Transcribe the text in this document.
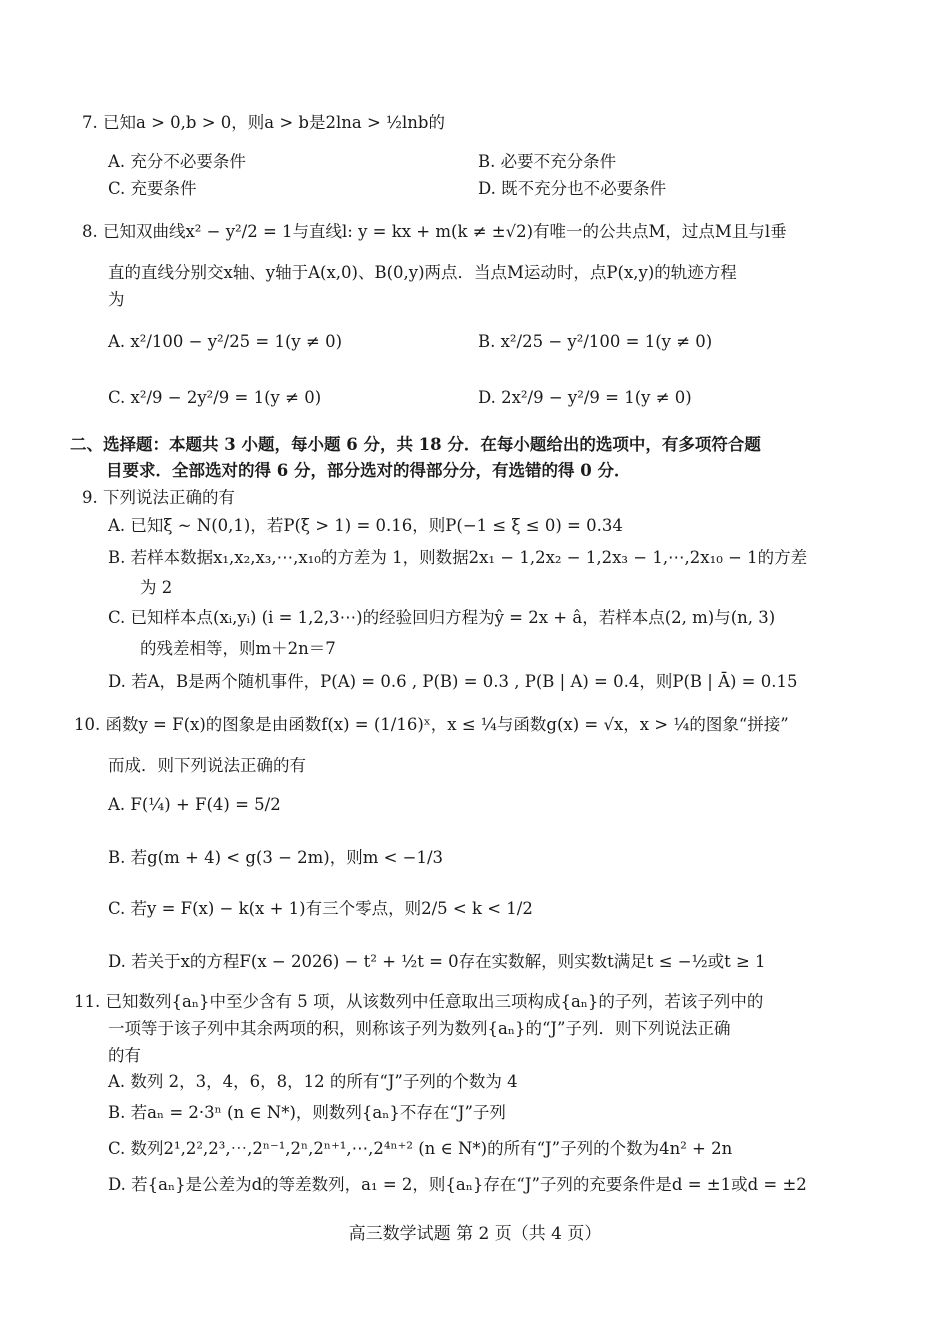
7. 已知a > 0,b > 0，则a > b是2lna > ½lnb的
A. 充分不必要条件	B. 必要不充分条件
C. 充要条件	D. 既不充分也不必要条件
8. 已知双曲线x² − y²/2 = 1与直线l: y = kx + m(k ≠ ±√2)有唯一的公共点M，过点M且与l垂
直的直线分别交x轴、y轴于A(x,0)、B(0,y)两点．当点M运动时，点P(x,y)的轨迹方程
为
A. x²/100 − y²/25 = 1(y ≠ 0)	B. x²/25 − y²/100 = 1(y ≠ 0)
C. x²/9 − 2y²/9 = 1(y ≠ 0)	D. 2x²/9 − y²/9 = 1(y ≠ 0)
二、选择题：本题共 3 小题，每小题 6 分，共 18 分．在每小题给出的选项中，有多项符合题
目要求．全部选对的得 6 分，部分选对的得部分分，有选错的得 0 分．
9. 下列说法正确的有
A. 已知ξ ~ N(0,1)，若P(ξ > 1) = 0.16，则P(−1 ≤ ξ ≤ 0) = 0.34
B. 若样本数据x₁,x₂,x₃,⋯,x₁₀的方差为 1，则数据2x₁ − 1,2x₂ − 1,2x₃ − 1,⋯,2x₁₀ − 1的方差
为 2
C. 已知样本点(xᵢ,yᵢ) (i = 1,2,3⋯)的经验回归方程为ŷ = 2x + â，若样本点(2, m)与(n, 3)
的残差相等，则m＋2n＝7
D. 若A，B是两个随机事件，P(A) = 0.6 , P(B) = 0.3 , P(B | A) = 0.4，则P(B | Ā) = 0.15
10. 函数y = F(x)的图象是由函数f(x) = (1/16)ˣ，x ≤ ¼与函数g(x) = √x，x > ¼的图象“拼接”
而成．则下列说法正确的有
A. F(¼) + F(4) = 5/2
B. 若g(m + 4) < g(3 − 2m)，则m < −1/3
C. 若y = F(x) − k(x + 1)有三个零点，则2/5 < k < 1/2
D. 若关于x的方程F(x − 2026) − t² + ½t = 0存在实数解，则实数t满足t ≤ −½或t ≥ 1
11. 已知数列{aₙ}中至少含有 5 项，从该数列中任意取出三项构成{aₙ}的子列，若该子列中的
一项等于该子列中其余两项的积，则称该子列为数列{aₙ}的“J”子列．则下列说法正确
的有
A. 数列 2，3，4，6，8，12 的所有“J”子列的个数为 4
B. 若aₙ = 2·3ⁿ (n ∈ N*)，则数列{aₙ}不存在“J”子列
C. 数列2¹,2²,2³,⋯,2ⁿ⁻¹,2ⁿ,2ⁿ⁺¹,⋯,2⁴ⁿ⁺² (n ∈ N*)的所有“J”子列的个数为4n² + 2n
D. 若{aₙ}是公差为d的等差数列，a₁ = 2，则{aₙ}存在“J”子列的充要条件是d = ±1或d = ±2
高三数学试题 第 2 页（共 4 页）
